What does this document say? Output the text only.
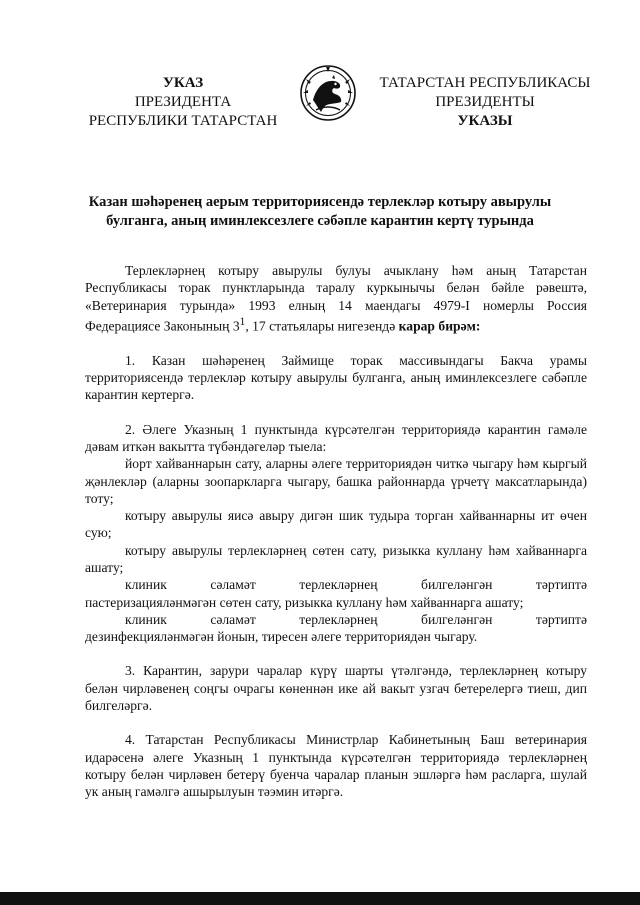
УКАЗ
ПРЕЗИДЕНТА
РЕСПУБЛИКИ ТАТАРСТАН
ТАТАРСТАН РЕСПУБЛИКАСЫ
ПРЕЗИДЕНТЫ
УКАЗЫ
Казан шәһәренең аерым территориясендә терлекләр котыру авырулы
булганга, аның иминлексезлеге сәбәпле карантин кертү турында

Терлекләрнең котыру авырулы булуы ачыклану һәм аның Татарстан Республикасы торак пунктларында таралу куркынычы белән бәйле рәвештә, «Ветеринария турында» 1993 елның 14 маендагы 4979-I номерлы Россия Федерациясе Законының $3^1$, 17 статьялары нигезендә карар бирәм:

1. Казан шәһәренең Займище торак массивындагы Бакча урамы территориясендә терлекләр котыру авырулы булганга, аның иминлексезлеге сәбәпле карантин кертергә.

2. Әлеге Указның 1 пунктында күрсәтелгән территориядә карантин гамәле дәвам иткән вакытта түбәндәгеләр тыела:

йорт хайваннарын сату, аларны әлеге территориядән читкә чыгару һәм кыргый җәнлекләр (аларны зоопаркларга чыгару, башка районнарда үрчетү максатларында) тоту;

котыру авырулы яисә авыру дигән шик тудыра торган хайваннарны ит өчен сую;

котыру авырулы терлекләрнең сөтен сату, ризыкка куллану һәм хайваннарга ашату;

клиник сәламәт терлекләрнең билгеләнгән тәртиптә

пастеризацияләнмәгән сөтен сату, ризыкка куллану һәм хайваннарга ашату;

клиник сәламәт терлекләрнең билгеләнгән тәртиптә

дезинфекцияләнмәгән йонын, тиресен әлеге территориядән чыгару.

3. Карантин, зарури чаралар күрү шарты үтәлгәндә, терлекләрнең котыру белән чирләвенең соңгы очрагы көненнән ике ай вакыт узгач бетерелергә тиеш, дип билгеләргә.

4. Татарстан Республикасы Министрлар Кабинетының Баш ветеринария идарәсенә әлеге Указның 1 пунктында күрсәтелгән территориядә терлекләрнең котыру белән чирләвен бетерү буенча чаралар планын эшләргә һәм расларга, шулай ук аның гамәлгә ашырылуын тәэмин итәргә.
